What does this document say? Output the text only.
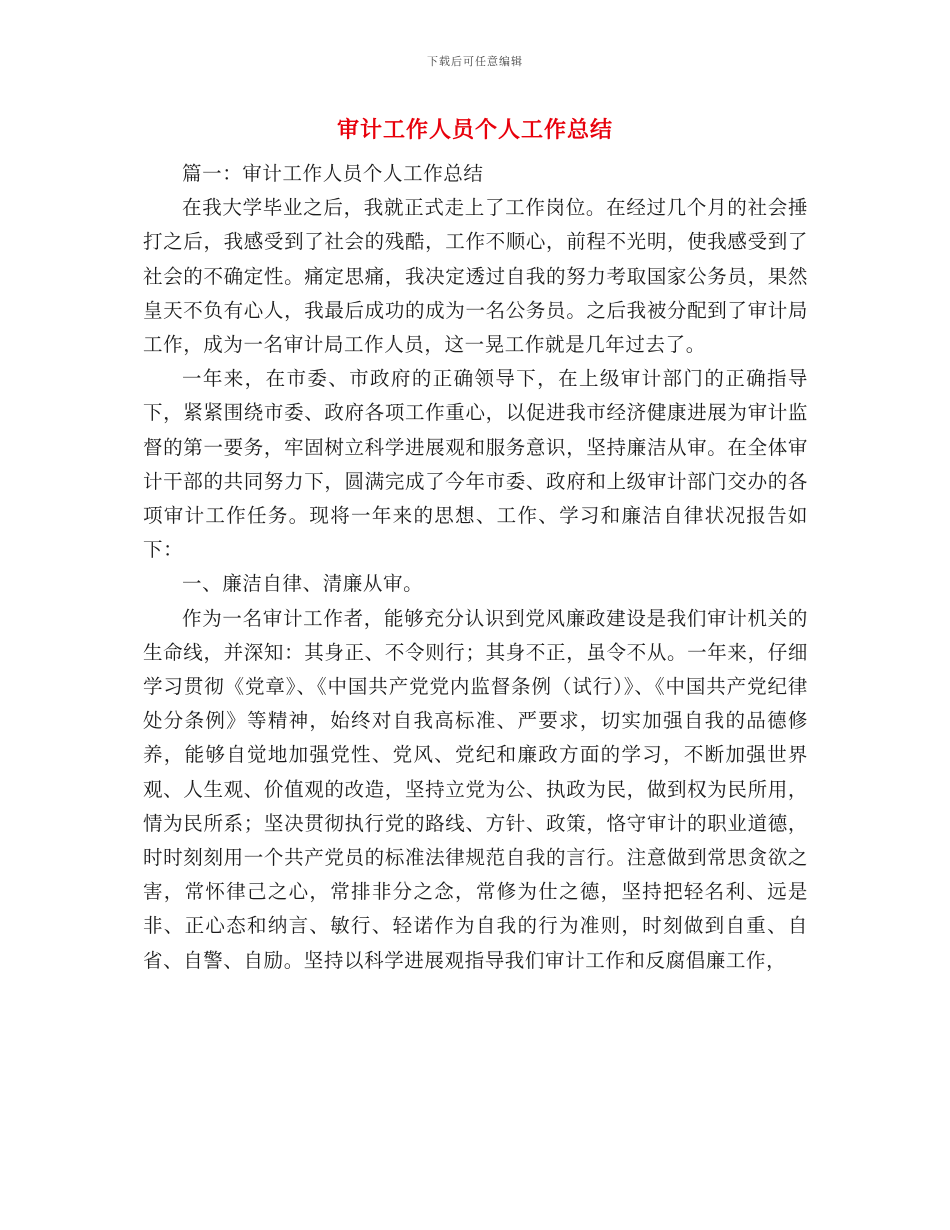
下载后可任意编辑
审计工作人员个人工作总结

篇一：审计工作人员个人工作总结

在我大学毕业之后，我就正式走上了工作岗位。在经过几个月的社会捶打之后，我感受到了社会的残酷，工作不顺心，前程不光明，使我感受到了社会的不确定性。痛定思痛，我决定透过自我的努力考取国家公务员，果然皇天不负有心人，我最后成功的成为一名公务员。之后我被分配到了审计局工作，成为一名审计局工作人员，这一晃工作就是几年过去了。

一年来，在市委、市政府的正确领导下，在上级审计部门的正确指导下，紧紧围绕市委、政府各项工作重心，以促进我市经济健康进展为审计监督的第一要务，牢固树立科学进展观和服务意识，坚持廉洁从审。在全体审计干部的共同努力下，圆满完成了今年市委、政府和上级审计部门交办的各项审计工作任务。现将一年来的思想、工作、学习和廉洁自律状况报告如下：

一、廉洁自律、清廉从审。

作为一名审计工作者，能够充分认识到党风廉政建设是我们审计机关的生命线，并深知：其身正、不令则行；其身不正，虽令不从。一年来，仔细学习贯彻《党章》、《中国共产党党内监督条例（试行）》、《中国共产党纪律处分条例》等精神，始终对自我高标准、严要求，切实加强自我的品德修养，能够自觉地加强党性、党风、党纪和廉政方面的学习，不断加强世界观、人生观、价值观的改造，坚持立党为公、执政为民，做到权为民所用，情为民所系；坚决贯彻执行党的路线、方针、政策，恪守审计的职业道德，时时刻刻用一个共产党员的标准法律规范自我的言行。注意做到常思贪欲之害，常怀律己之心，常排非分之念，常修为仕之德，坚持把轻名利、远是非、正心态和纳言、敏行、轻诺作为自我的行为准则，时刻做到自重、自省、自警、自励。坚持以科学进展观指导我们审计工作和反腐倡廉工作，
